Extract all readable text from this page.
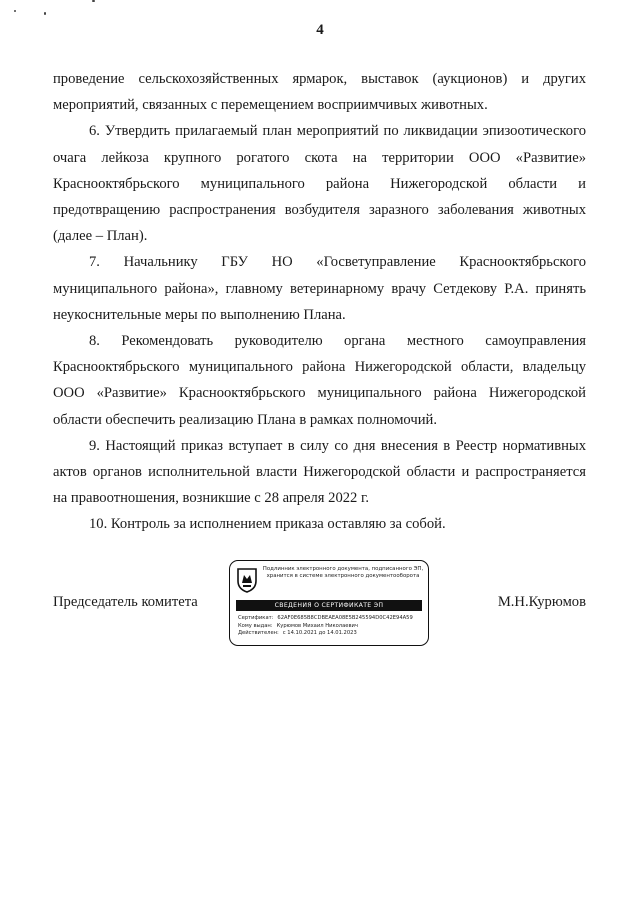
4

проведение сельскохозяйственных ярмарок, выставок (аукционов) и других мероприятий, связанных с перемещением восприимчивых животных.

6. Утвердить прилагаемый план мероприятий по ликвидации эпизоотического очага лейкоза крупного рогатого скота на территории ООО «Развитие» Краснооктябрьского муниципального района Нижегородской области и предотвращению распространения возбудителя заразного заболевания животных (далее – План).

7. Начальнику ГБУ НО «Госветуправление Краснооктябрьского муниципального района», главному ветеринарному врачу Сетдекову Р.А. принять неукоснительные меры по выполнению Плана.

8. Рекомендовать руководителю органа местного самоуправления Краснооктябрьского муниципального района Нижегородской области, владельцу ООО «Развитие» Краснооктябрьского муниципального района Нижегородской области обеспечить реализацию Плана в рамках полномочий.

9. Настоящий приказ вступает в силу со дня внесения в Реестр нормативных актов органов исполнительной власти Нижегородской области и распространяется на правоотношения, возникшие с 28 апреля 2022 г.

10. Контроль за исполнением приказа оставляю за собой.

Председатель комитета
Подлинник электронного документа, подписанного ЭП, хранится в системе электронного документооборота
СВЕДЕНИЯ О СЕРТИФИКАТЕ ЭП
Сертификат: 62AF0E685B8CDBEAEA08E5B245594D0C42E94A59
Кому выдан: Курюмов Михаил Николаевич
Действителен: с 14.10.2021 до 14.01.2023
М.Н.Курюмов
